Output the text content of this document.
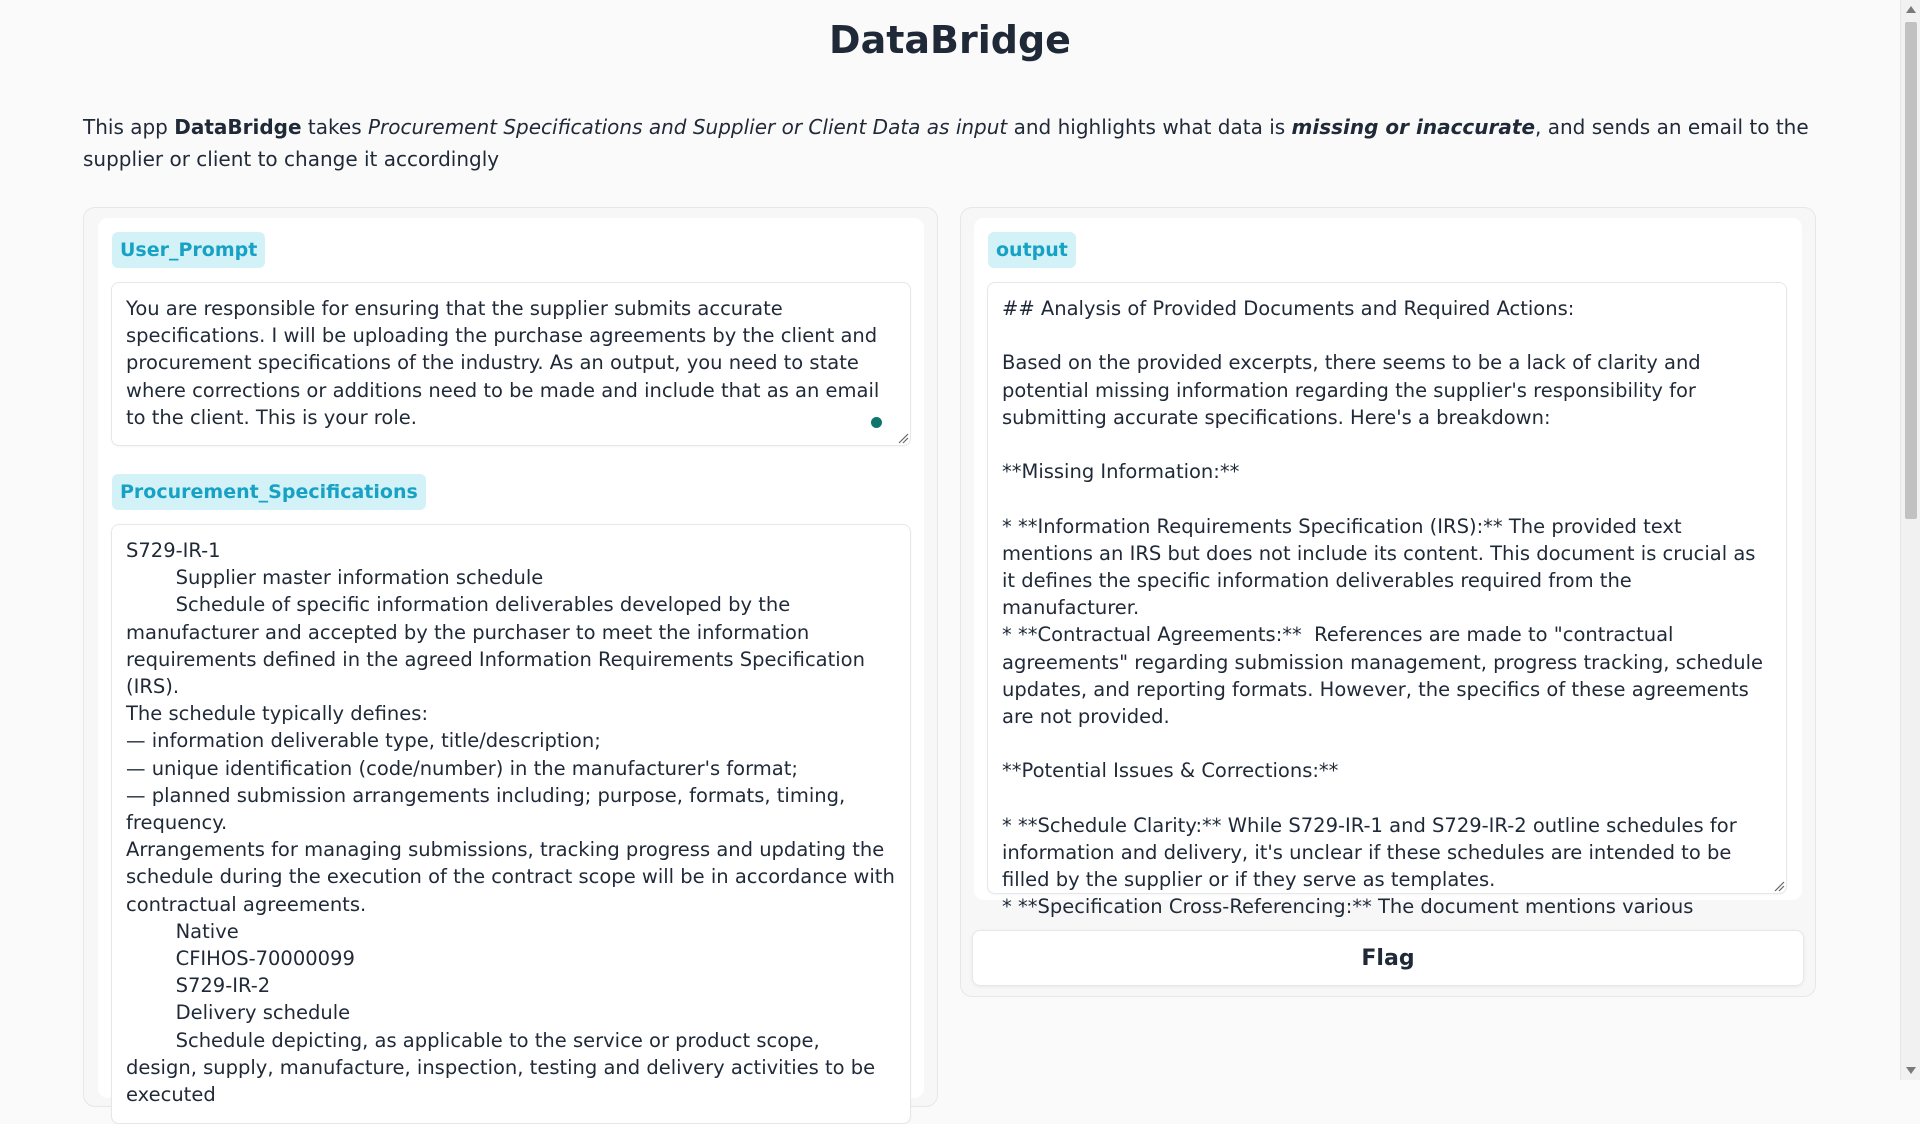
DataBridge

This app DataBridge takes Procurement Specifications and Supplier or Client Data as input and highlights what data is missing or inaccurate, and sends an email to the supplier or client to change it accordingly

User_Prompt
You are responsible for ensuring that the supplier submits accurate specifications. I will be uploading the purchase agreements by the client and procurement specifications of the industry. As an output, you need to state where corrections or additions need to be made and include that as an email to the client. This is your role.
Procurement_Specifications
S729-IR-1
Supplier master information schedule
Schedule of specific information deliverables developed by the manufacturer and accepted by the purchaser to meet the information requirements defined in the agreed Information Requirements Specification (IRS).
The schedule typically defines:
— information deliverable type, title/description;
— unique identification (code/number) in the manufacturer's format;
— planned submission arrangements including; purpose, formats, timing, frequency.
Arrangements for managing submissions, tracking progress and updating the schedule during the execution of the contract scope will be in accordance with contractual agreements.
Native
CFIHOS-70000099
S729-IR-2
Delivery schedule
Schedule depicting, as applicable to the service or product scope, design, supply, manufacture, inspection, testing and delivery activities to be executed
output
## Analysis of Provided Documents and Required Actions:

Based on the provided excerpts, there seems to be a lack of clarity and potential missing information regarding the supplier's responsibility for submitting accurate specifications. Here's a breakdown:

**Missing Information:**

* **Information Requirements Specification (IRS):** The provided text mentions an IRS but does not include its content. This document is crucial as it defines the specific information deliverables required from the manufacturer.
* **Contractual Agreements:**  References are made to "contractual agreements" regarding submission management, progress tracking, schedule updates, and reporting formats. However, the specifics of these agreements are not provided.

**Potential Issues & Corrections:**

* **Schedule Clarity:** While S729-IR-1 and S729-IR-2 outline schedules for information and delivery, it's unclear if these schedules are intended to be filled by the supplier or if they serve as templates.
* **Specification Cross-Referencing:** The document mentions various
Flag
